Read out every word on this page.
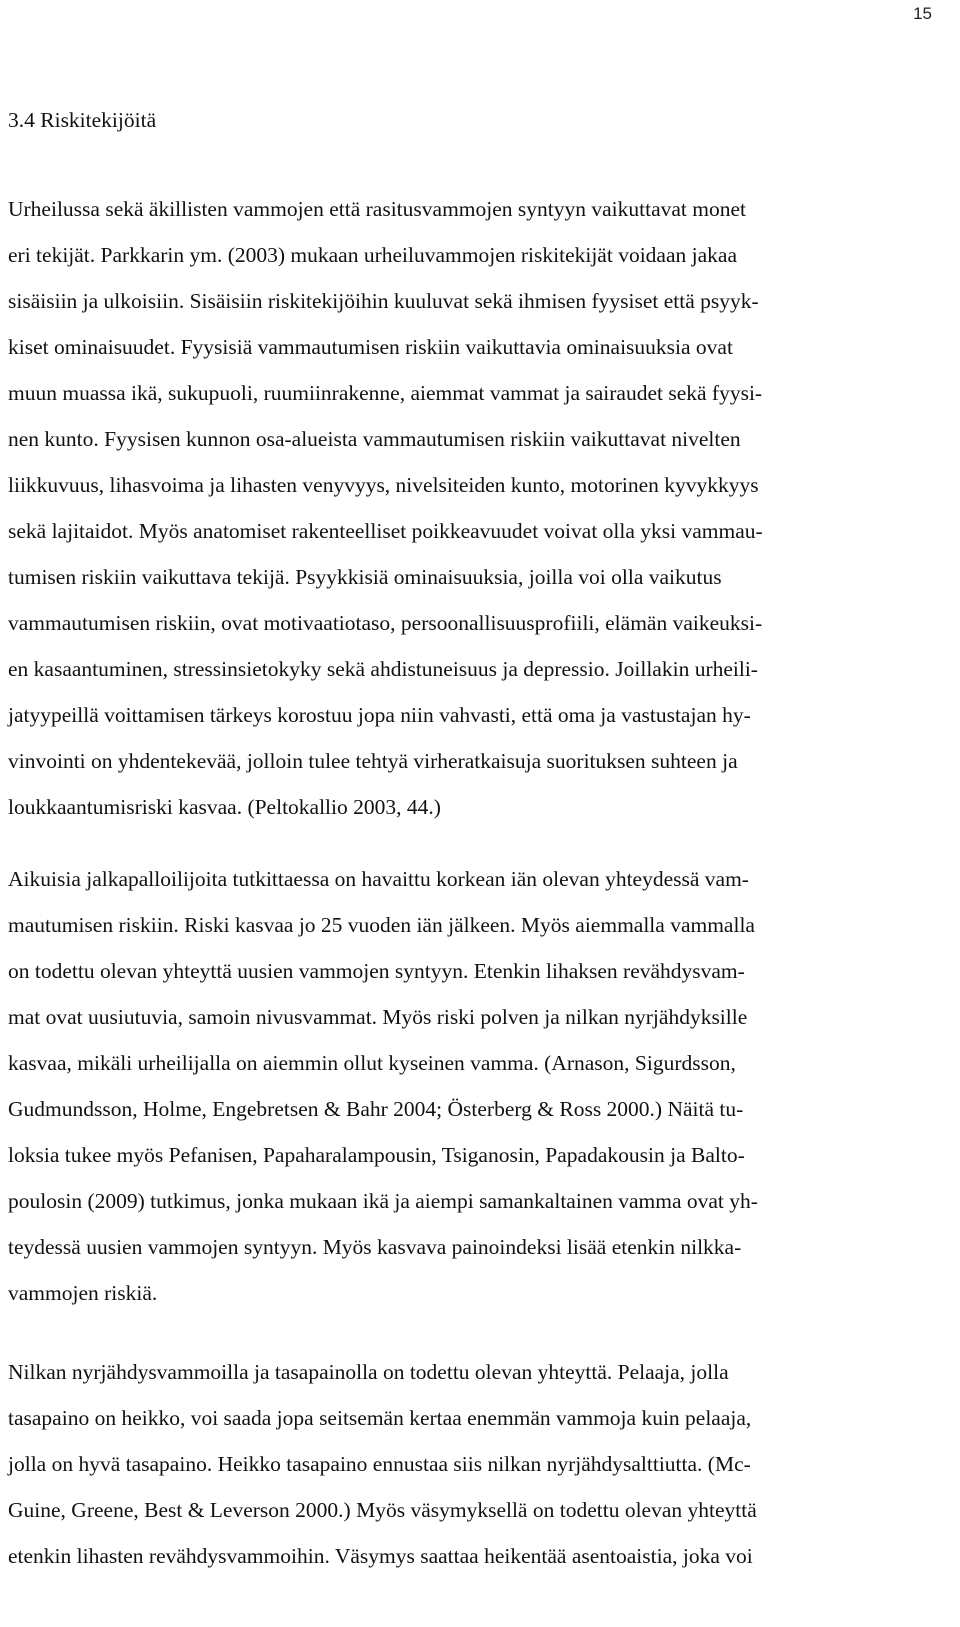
15
3.4 Riskitekijöitä

Urheilussa sekä äkillisten vammojen että rasitusvammojen syntyyn vaikuttavat monet
eri tekijät. Parkkarin ym. (2003) mukaan urheiluvammojen riskitekijät voidaan jakaa
sisäisiin ja ulkoisiin. Sisäisiin riskitekijöihin kuuluvat sekä ihmisen fyysiset että psyyk-
kiset ominaisuudet. Fyysisiä vammautumisen riskiin vaikuttavia ominaisuuksia ovat
muun muassa ikä, sukupuoli, ruumiinrakenne, aiemmat vammat ja sairaudet sekä fyysi-
nen kunto. Fyysisen kunnon osa-alueista vammautumisen riskiin vaikuttavat nivelten
liikkuvuus, lihasvoima ja lihasten venyvyys, nivelsiteiden kunto, motorinen kyvykkyys
sekä lajitaidot. Myös anatomiset rakenteelliset poikkeavuudet voivat olla yksi vammau-
tumisen riskiin vaikuttava tekijä. Psyykkisiä ominaisuuksia, joilla voi olla vaikutus
vammautumisen riskiin, ovat motivaatiotaso, persoonallisuusprofiili, elämän vaikeuksi-
en kasaantuminen, stressinsietokyky sekä ahdistuneisuus ja depressio. Joillakin urheili-
jatyypeillä voittamisen tärkeys korostuu jopa niin vahvasti, että oma ja vastustajan hy-
vinvointi on yhdentekevää, jolloin tulee tehtyä virheratkaisuja suorituksen suhteen ja
loukkaantumisriski kasvaa. (Peltokallio 2003, 44.)

Aikuisia jalkapalloilijoita tutkittaessa on havaittu korkean iän olevan yhteydessä vam-
mautumisen riskiin. Riski kasvaa jo 25 vuoden iän jälkeen. Myös aiemmalla vammalla
on todettu olevan yhteyttä uusien vammojen syntyyn. Etenkin lihaksen revähdysvam-
mat ovat uusiutuvia, samoin nivusvammat. Myös riski polven ja nilkan nyrjähdyksille
kasvaa, mikäli urheilijalla on aiemmin ollut kyseinen vamma. (Arnason, Sigurdsson,
Gudmundsson, Holme, Engebretsen & Bahr 2004; Österberg & Ross 2000.) Näitä tu-
loksia tukee myös Pefanisen, Papaharalampousin, Tsiganosin, Papadakousin ja Balto-
poulosin (2009) tutkimus, jonka mukaan ikä ja aiempi samankaltainen vamma ovat yh-
teydessä uusien vammojen syntyyn. Myös kasvava painoindeksi lisää etenkin nilkka-
vammojen riskiä.

Nilkan nyrjähdysvammoilla ja tasapainolla on todettu olevan yhteyttä. Pelaaja, jolla
tasapaino on heikko, voi saada jopa seitsemän kertaa enemmän vammoja kuin pelaaja,
jolla on hyvä tasapaino. Heikko tasapaino ennustaa siis nilkan nyrjähdysalttiutta. (Mc-
Guine, Greene, Best & Leverson 2000.) Myös väsymyksellä on todettu olevan yhteyttä
etenkin lihasten revähdysvammoihin. Väsymys saattaa heikentää asentoaistia, joka voi
